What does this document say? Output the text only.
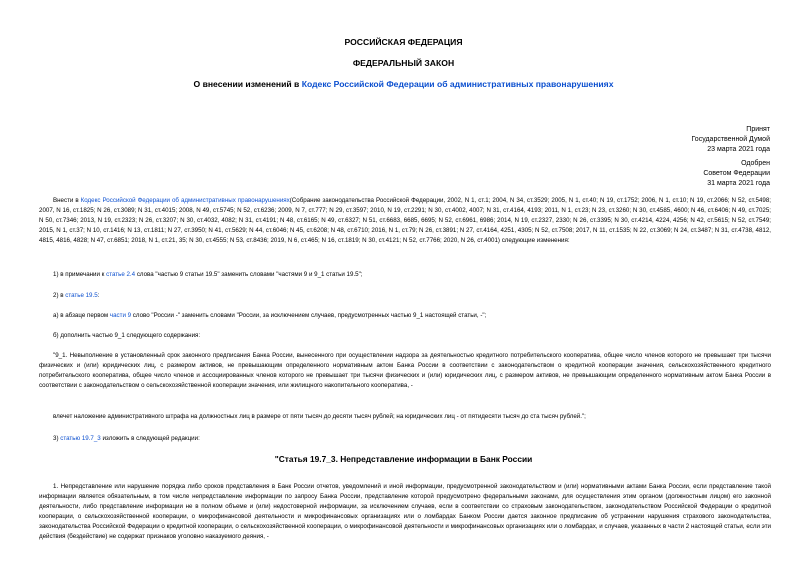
РОССИЙСКАЯ ФЕДЕРАЦИЯ
ФЕДЕРАЛЬНЫЙ ЗАКОН
О внесении изменений в Кодекс Российской Федерации об административных правонарушениях
Принят
Государственной Думой
23 марта 2021 года
Одобрен
Советом Федерации
31 марта 2021 года

Внести в Кодекс Российской Федерации об административных правонарушениях(Собрание законодательства Российской Федерации, 2002, N 1, ст.1; 2004, N 34, ст.3529; 2005, N 1, ст.40; N 19, ст.1752; 2006, N 1, ст.10; N 19, ст.2066; N 52, ст.5498; 2007, N 16, ст.1825; N 26, ст.3089; N 31, ст.4015; 2008, N 49, ст.5745; N 52, ст.6236; 2009, N 7, ст.777; N 29, ст.3597; 2010, N 19, ст.2291; N 30, ст.4002, 4007; N 31, ст.4164, 4193; 2011, N 1, ст.23; N 23, ст.3260; N 30, ст.4585, 4600; N 46, ст.6406; N 49, ст.7025; N 50, ст.7346; 2013, N 19, ст.2323; N 26, ст.3207; N 30, ст.4032, 4082; N 31, ст.4191; N 48, ст.6165; N 49, ст.6327; N 51, ст.6683, 6685, 6695; N 52, ст.6961, 6986; 2014, N 19, ст.2327, 2330; N 26, ст.3395; N 30, ст.4214, 4224, 4256; N 42, ст.5615; N 52, ст.7549; 2015, N 1, ст.37; N 10, ст.1416; N 13, ст.1811; N 27, ст.3950; N 41, ст.5629; N 44, ст.6046; N 45, ст.6208; N 48, ст.6710; 2016, N 1, ст.79; N 26, ст.3891; N 27, ст.4164, 4251, 4305; N 52, ст.7508; 2017, N 11, ст.1535; N 22, ст.3069; N 24, ст.3487; N 31, ст.4738, 4812, 4815, 4816, 4828; N 47, ст.6851; 2018, N 1, ст.21, 35; N 30, ст.4555; N 53, ст.8436; 2019, N 6, ст.465; N 16, ст.1819; N 30, ст.4121; N 52, ст.7766; 2020, N 26, ст.4001) следующие изменения:

1) в примечании к статье 2.4 слова "частью 9 статьи 19.5" заменить словами "частями 9 и 9_1 статьи 19.5";

2) в статье 19.5:

а) в абзаце первом части 9 слово "России -" заменить словами "России, за исключением случаев, предусмотренных частью 9_1 настоящей статьи, -";

б) дополнить частью 9_1 следующего содержания:

"9_1. Невыполнение в установленный срок законного предписания Банка России, вынесенного при осуществлении надзора за деятельностью кредитного потребительского кооператива, общее число членов которого не превышает три тысячи физических и (или) юридических лиц, с размером активов, не превышающим определенного нормативным актом Банка России в соответствии с законодательством о кредитной кооперации значения, сельскохозяйственного кредитного потребительского кооператива, общее число членов и ассоциированных членов которого не превышает три тысячи физических и (или) юридических лиц, с размером активов, не превышающим определенного нормативным актом Банка России в соответствии с законодательством о сельскохозяйственной кооперации значения, или жилищного накопительного кооператива, -

влечет наложение административного штрафа на должностных лиц в размере от пяти тысяч до десяти тысяч рублей; на юридических лиц - от пятидесяти тысяч до ста тысяч рублей.";

3) статью 19.7_3 изложить в следующей редакции:

"Статья 19.7_3. Непредставление информации в Банк России

1. Непредставление или нарушение порядка либо сроков представления в Банк России отчетов, уведомлений и иной информации, предусмотренной законодательством и (или) нормативными актами Банка России, если представление такой информации является обязательным, в том числе непредставление информации по запросу Банка России, представление которой предусмотрено федеральными законами, для осуществления этим органом (должностным лицом) его законной деятельности, либо представление информации не в полном объеме и (или) недостоверной информации, за исключением случаев, если в соответствии со страховым законодательством, законодательством Российской Федерации о кредитной кооперации, о сельскохозяйственной кооперации, о микрофинансовой деятельности и микрофинансовых организациях или о ломбардах Банком России дается законное предписание об устранении нарушения страхового законодательства, законодательства Российской Федерации о кредитной кооперации, о сельскохозяйственной кооперации, о микрофинансовой деятельности и микрофинансовых организациях или о ломбардах, и случаев, указанных в части 2 настоящей статьи, если эти действия (бездействие) не содержат признаков уголовно наказуемого деяния, -
